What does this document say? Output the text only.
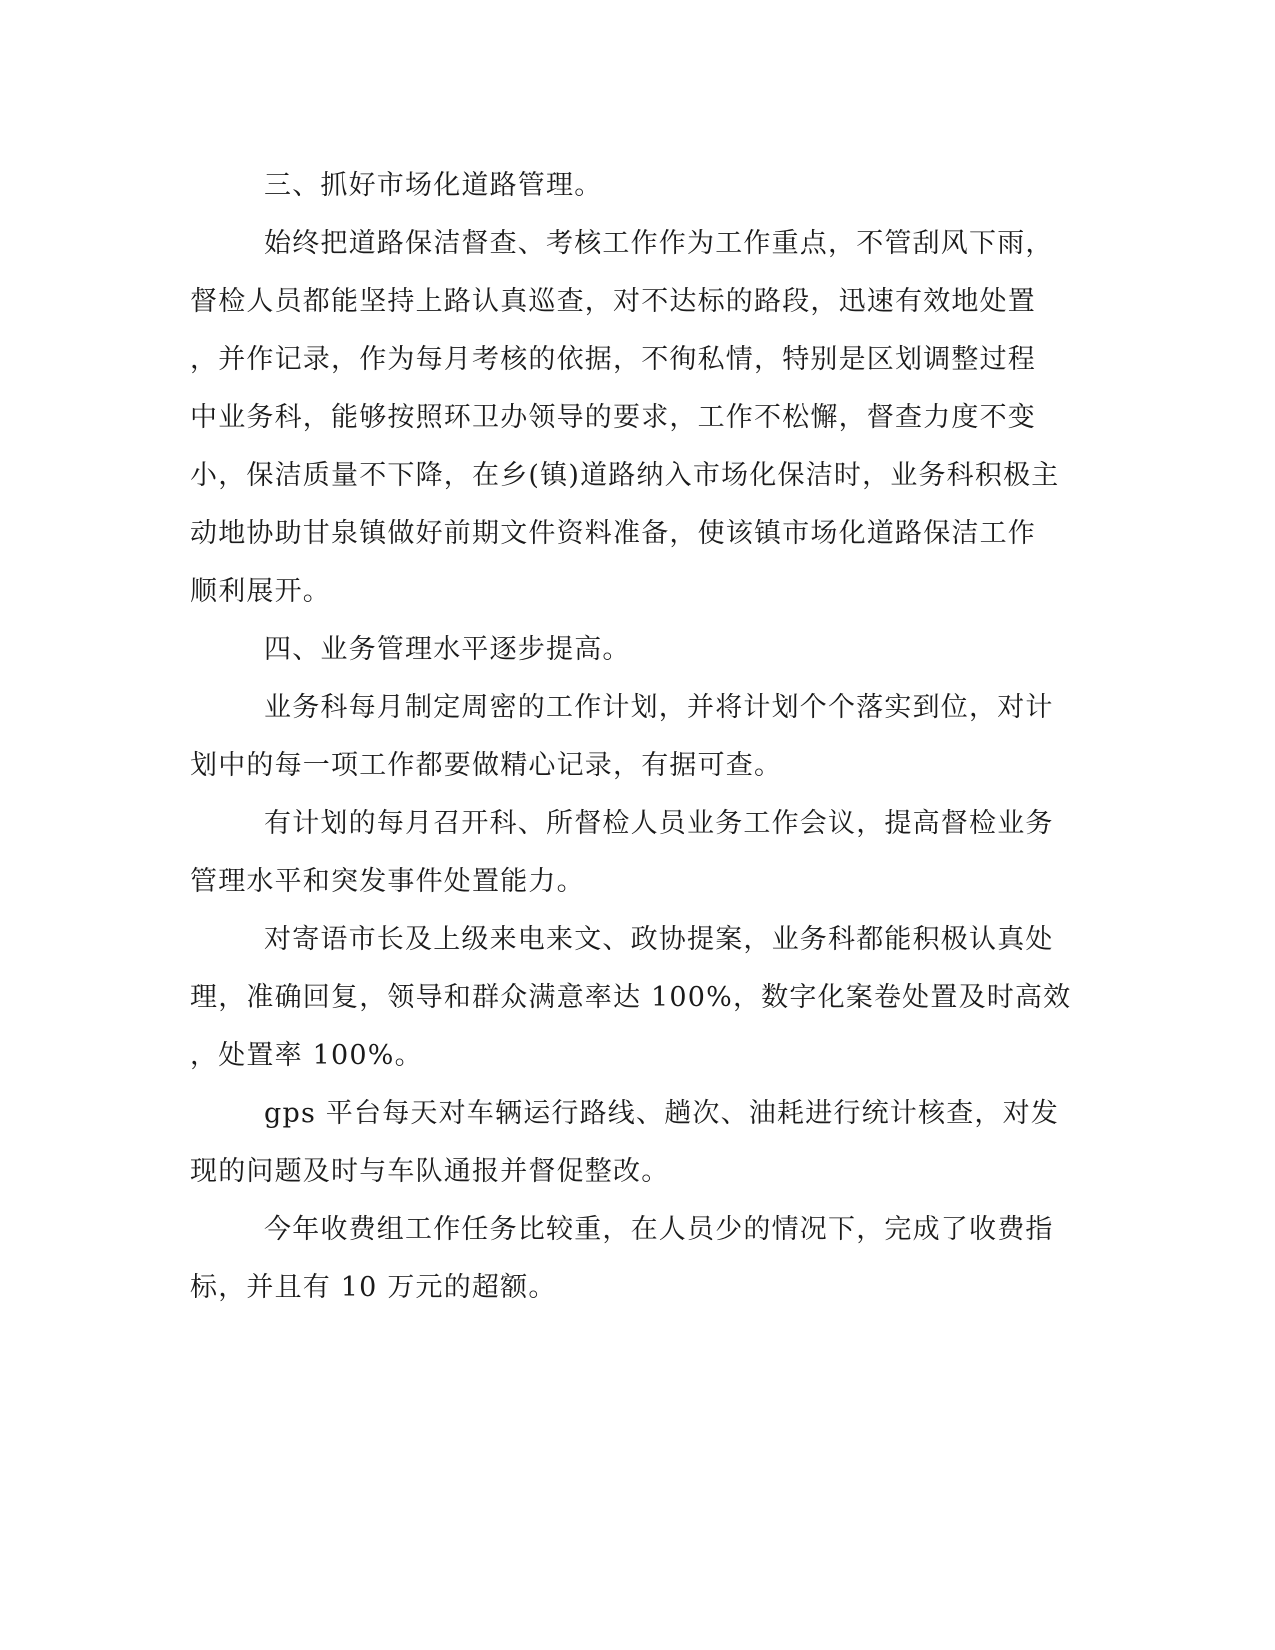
三、抓好市场化道路管理。
始终把道路保洁督查、考核工作作为工作重点，不管刮风下雨，
督检人员都能坚持上路认真巡查，对不达标的路段，迅速有效地处置
，并作记录，作为每月考核的依据，不徇私情，特别是区划调整过程
中业务科，能够按照环卫办领导的要求，工作不松懈，督查力度不变
小，保洁质量不下降，在乡(镇)道路纳入市场化保洁时，业务科积极主
动地协助甘泉镇做好前期文件资料准备，使该镇市场化道路保洁工作
顺利展开。
四、业务管理水平逐步提高。
业务科每月制定周密的工作计划，并将计划个个落实到位，对计
划中的每一项工作都要做精心记录，有据可查。
有计划的每月召开科、所督检人员业务工作会议，提高督检业务
管理水平和突发事件处置能力。
对寄语市长及上级来电来文、政协提案，业务科都能积极认真处
理，准确回复，领导和群众满意率达 100%，数字化案卷处置及时高效
，处置率 100%。
gps 平台每天对车辆运行路线、趟次、油耗进行统计核查，对发
现的问题及时与车队通报并督促整改。
今年收费组工作任务比较重，在人员少的情况下，完成了收费指
标，并且有 10 万元的超额。
